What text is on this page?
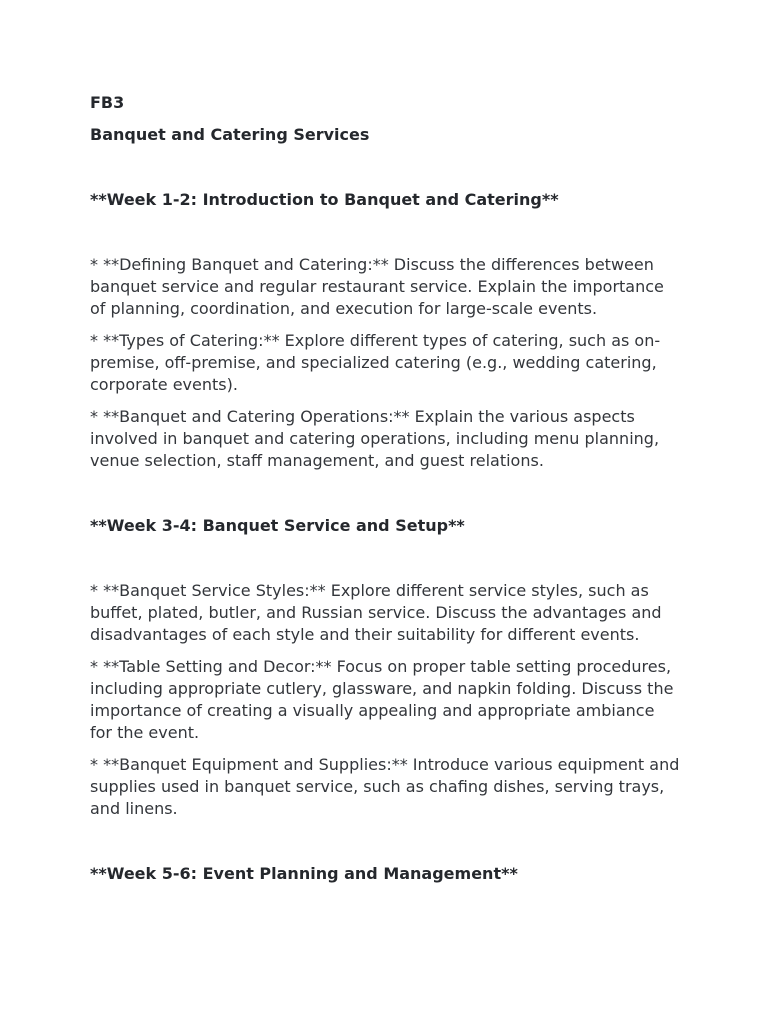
FB3

Banquet and Catering Services

**Week 1-2: Introduction to Banquet and Catering**

* **Defining Banquet and Catering:** Discuss the differences between banquet service and regular restaurant service. Explain the importance of planning, coordination, and execution for large-scale events.

* **Types of Catering:** Explore different types of catering, such as on-premise, off-premise, and specialized catering (e.g., wedding catering, corporate events).

* **Banquet and Catering Operations:** Explain the various aspects involved in banquet and catering operations, including menu planning, venue selection, staff management, and guest relations.

**Week 3-4: Banquet Service and Setup**

* **Banquet Service Styles:** Explore different service styles, such as buffet, plated, butler, and Russian service. Discuss the advantages and disadvantages of each style and their suitability for different events.

* **Table Setting and Decor:** Focus on proper table setting procedures, including appropriate cutlery, glassware, and napkin folding. Discuss the importance of creating a visually appealing and appropriate ambiance for the event.

* **Banquet Equipment and Supplies:** Introduce various equipment and supplies used in banquet service, such as chafing dishes, serving trays, and linens.

**Week 5-6: Event Planning and Management**
